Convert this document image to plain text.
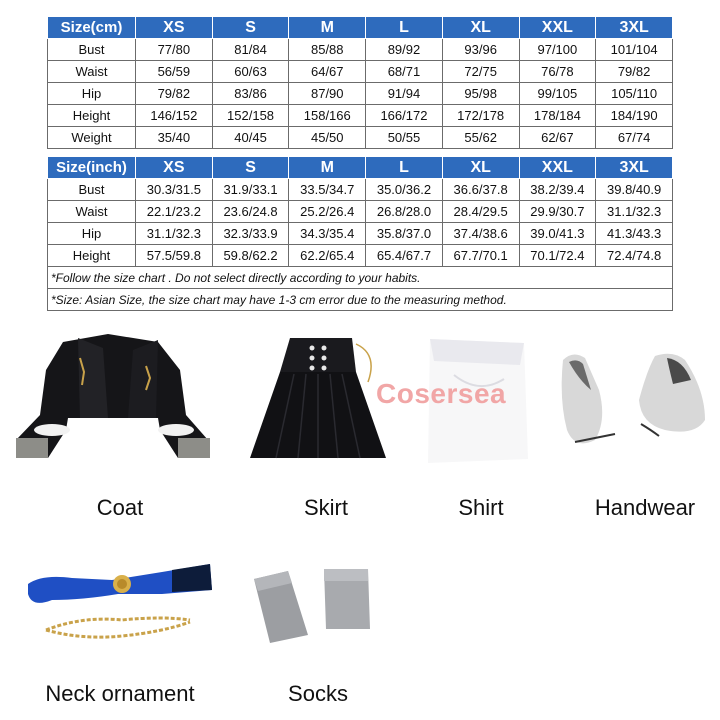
Size(cm)	XS	S	M	L	XL	XXL	3XL
Bust	77/80	81/84	85/88	89/92	93/96	97/100	101/104
Waist	56/59	60/63	64/67	68/71	72/75	76/78	79/82
Hip	79/82	83/86	87/90	91/94	95/98	99/105	105/110
Height	146/152	152/158	158/166	166/172	172/178	178/184	184/190
Weight	35/40	40/45	45/50	50/55	55/62	62/67	67/74
Size(inch)	XS	S	M	L	XL	XXL	3XL
Bust	30.3/31.5	31.9/33.1	33.5/34.7	35.0/36.2	36.6/37.8	38.2/39.4	39.8/40.9
Waist	22.1/23.2	23.6/24.8	25.2/26.4	26.8/28.0	28.4/29.5	29.9/30.7	31.1/32.3
Hip	31.1/32.3	32.3/33.9	34.3/35.4	35.8/37.0	37.4/38.6	39.0/41.3	41.3/43.3
Height	57.5/59.8	59.8/62.2	62.2/65.4	65.4/67.7	67.7/70.1	70.1/72.4	72.4/74.8
*Follow the size chart . Do not select directly according to your habits.							
*Size: Asian Size, the size chart may have 1-3 cm error due to the measuring method.							
Cosersea
Coat	Skirt	Shirt	Handwear
Neck ornament	Socks
